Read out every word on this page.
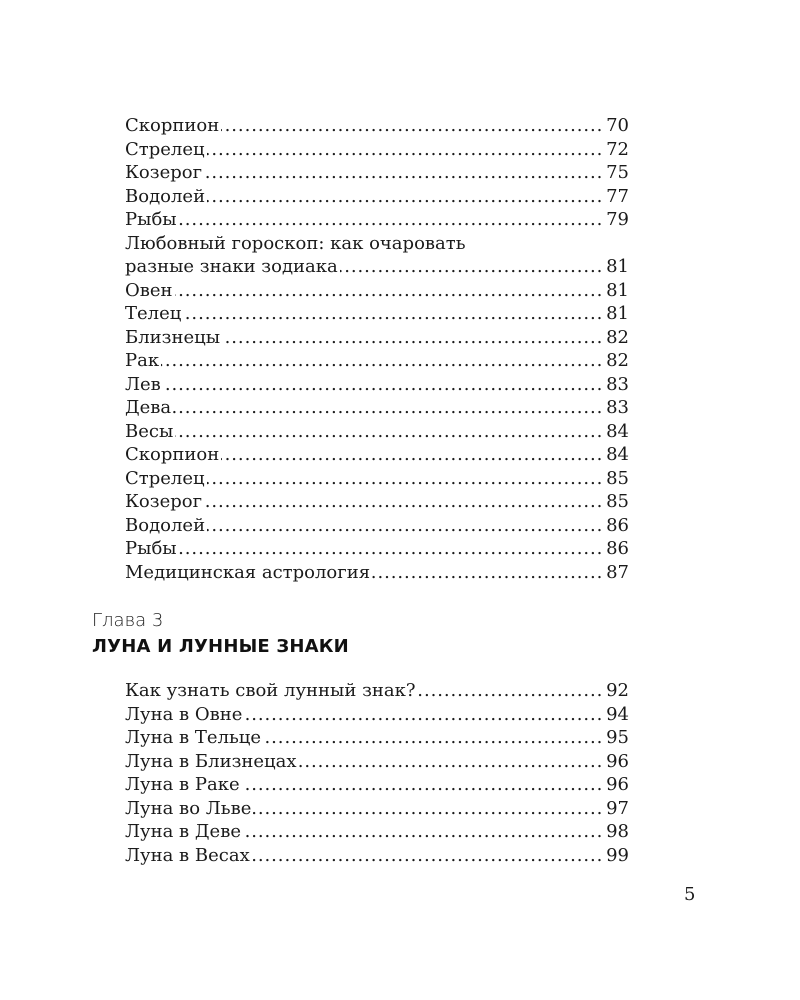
. . . Скорпион	70
. . . Стрелец	72
. . . Козерог	75
. . . Водолей	77
. . . Рыбы	79
Любовный гороскоп: как очаровать
. . . разные знаки зодиака	81
. . . Овен	81
. . . Телец	81
. . . Близнецы	82
. . . Рак	82
. . . Лев	83
. . . Дева	83
. . . Весы	84
. . . Скорпион	84
. . . Стрелец	85
. . . Козерог	85
. . . Водолей	86
. . . Рыбы	86
. . . Медицинская астрология	87
Глава 3
ЛУНА И ЛУННЫЕ ЗНАКИ
. . . Как узнать свой лунный знак?	92
. . . Луна в Овне	94
. . . Луна в Тельце	95
. . . Луна в Близнецах	96
. . . Луна в Раке	96
. . . Луна во Льве	97
. . . Луна в Деве	98
. . . Луна в Весах	99
5
